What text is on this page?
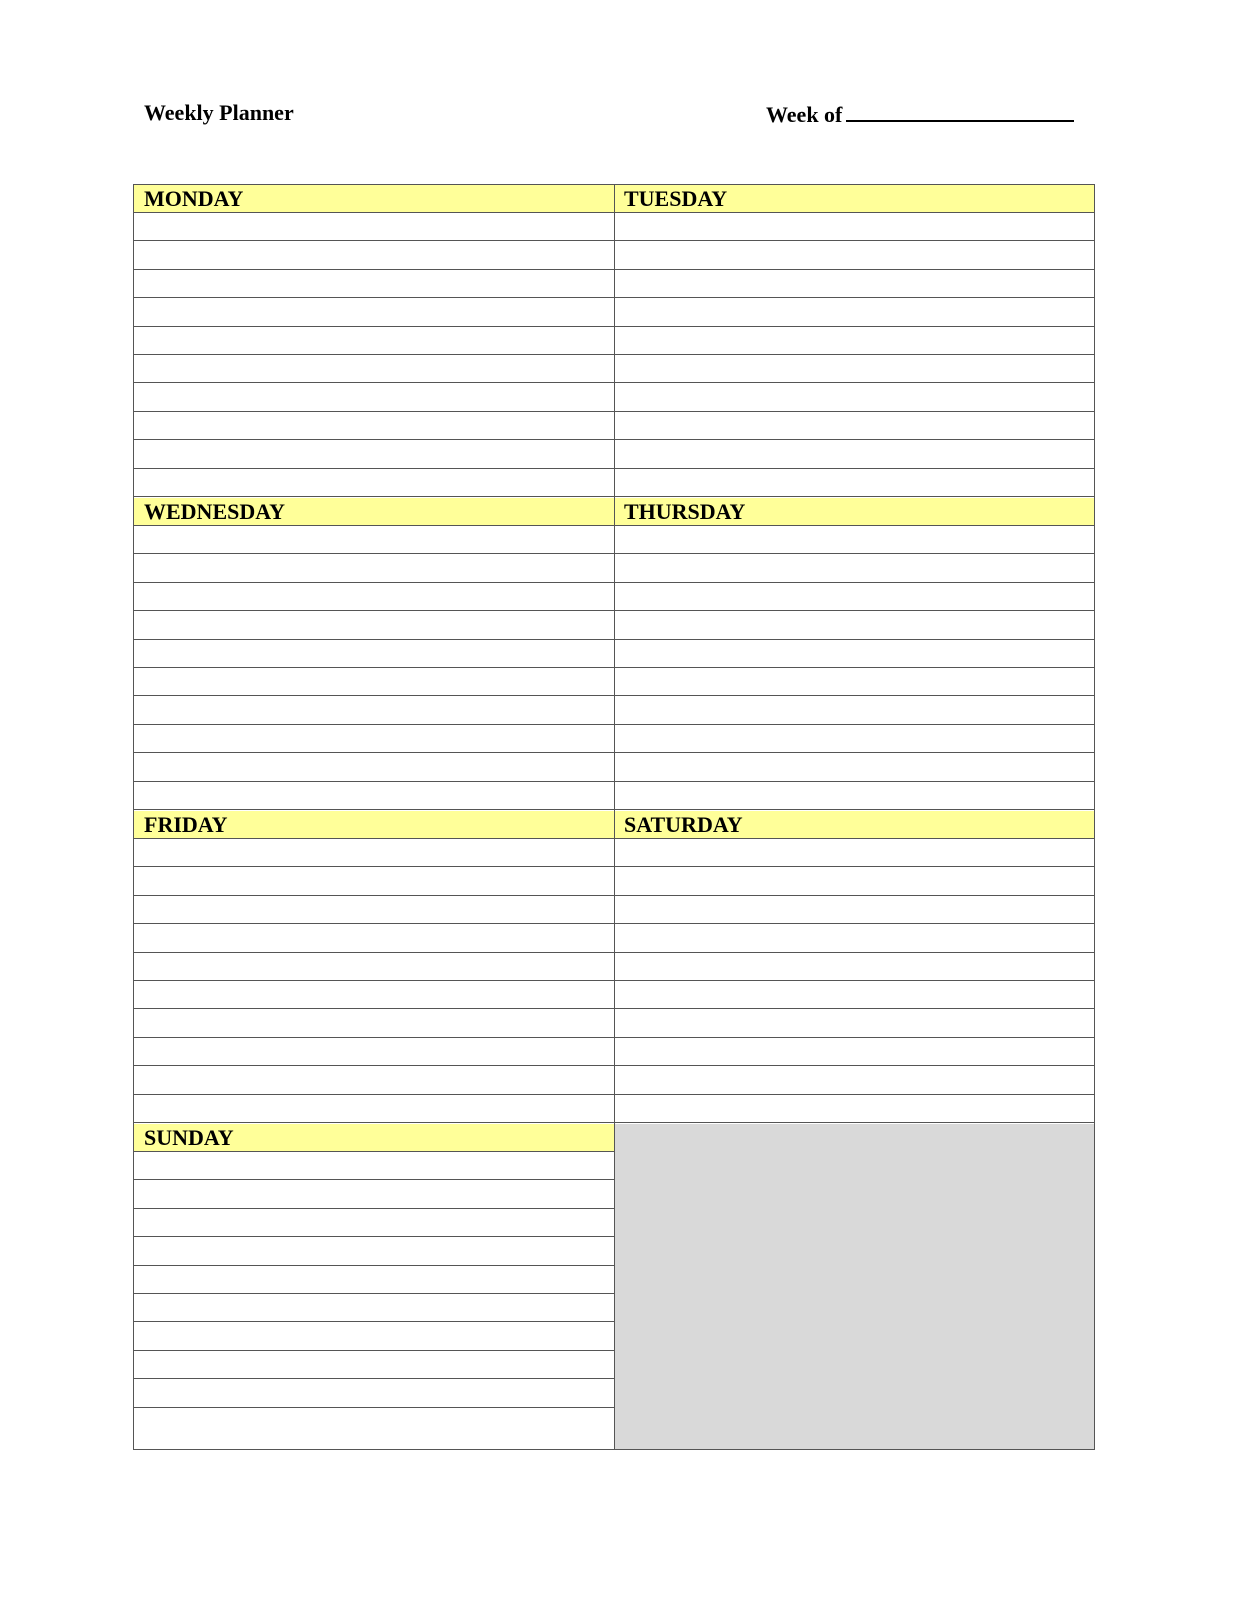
Weekly Planner	Week of
MONDAY	TUESDAY
WEDNESDAY	THURSDAY
FRIDAY	SATURDAY
SUNDAY
